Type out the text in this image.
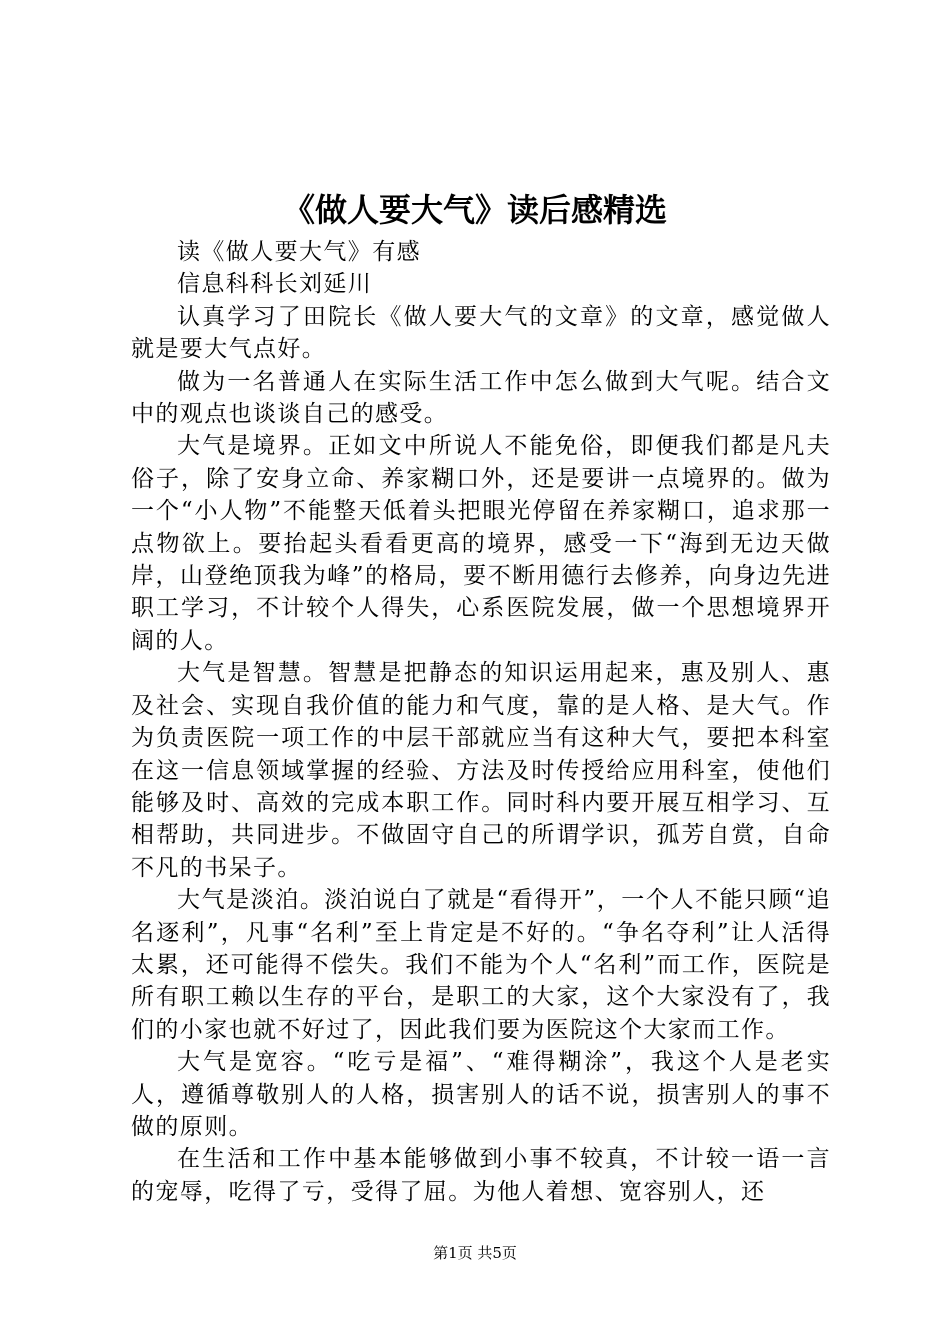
《做人要大气》读后感精选

读《做人要大气》有感

信息科科长刘延川

认真学习了田院长《做人要大气的文章》的文章，感觉做人就是要大气点好。

做为一名普通人在实际生活工作中怎么做到大气呢。结合文中的观点也谈谈自己的感受。

大气是境界。正如文中所说人不能免俗，即便我们都是凡夫俗子，除了安身立命、养家糊口外，还是要讲一点境界的。做为一个“小人物”不能整天低着头把眼光停留在养家糊口，追求那一点物欲上。要抬起头看看更高的境界，感受一下“海到无边天做岸，山登绝顶我为峰”的格局，要不断用德行去修养，向身边先进职工学习，不计较个人得失，心系医院发展，做一个思想境界开阔的人。

大气是智慧。智慧是把静态的知识运用起来，惠及别人、惠及社会、实现自我价值的能力和气度，靠的是人格、是大气。作为负责医院一项工作的中层干部就应当有这种大气，要把本科室在这一信息领域掌握的经验、方法及时传授给应用科室，使他们能够及时、高效的完成本职工作。同时科内要开展互相学习、互相帮助，共同进步。不做固守自己的所谓学识，孤芳自赏，自命不凡的书呆子。

大气是淡泊。淡泊说白了就是“看得开”，一个人不能只顾“追名逐利”，凡事“名利”至上肯定是不好的。“争名夺利”让人活得太累，还可能得不偿失。我们不能为个人“名利”而工作，医院是所有职工赖以生存的平台，是职工的大家，这个大家没有了，我们的小家也就不好过了，因此我们要为医院这个大家而工作。

大气是宽容。“吃亏是福”、“难得糊涂”，我这个人是老实人，遵循尊敬别人的人格，损害别人的话不说，损害别人的事不做的原则。

在生活和工作中基本能够做到小事不较真，不计较一语一言的宠辱，吃得了亏，受得了屈。为他人着想、宽容别人，还

第1页 共5页
